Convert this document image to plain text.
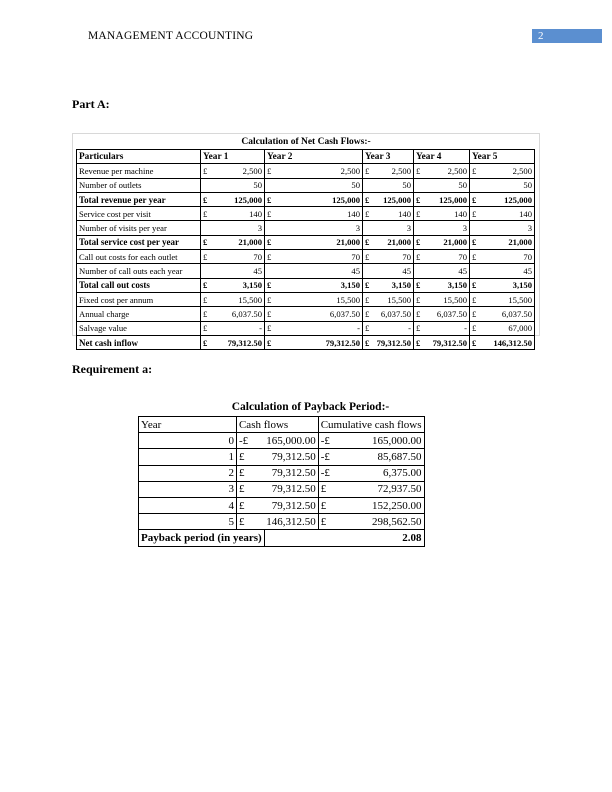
MANAGEMENT ACCOUNTING	2
Part A:
Calculation of Net Cash Flows:-
Particulars	Year 1		Year 2		Year 3		Year 4		Year 5	
Revenue per machine	£	2,500	£	2,500	£	2,500	£	2,500	£	2,500
Number of outlets		50		50		50		50		50
Total revenue per year	£	125,000	£	125,000	£	125,000	£	125,000	£	125,000
Service cost per visit	£	140	£	140	£	140	£	140	£	140
Number of visits per year		3		3		3		3		3
Total service cost per year	£	21,000	£	21,000	£	21,000	£	21,000	£	21,000
Call out costs for each outlet	£	70	£	70	£	70	£	70	£	70
Number of call outs each year		45		45		45		45		45
Total call out costs	£	3,150	£	3,150	£	3,150	£	3,150	£	3,150
Fixed cost per annum	£	15,500	£	15,500	£	15,500	£	15,500	£	15,500
Annual charge	£	6,037.50	£	6,037.50	£	6,037.50	£	6,037.50	£	6,037.50
Salvage value	£	-	£	-	£	-	£	-	£	67,000
Net cash inflow	£	79,312.50	£	79,312.50	£	79,312.50	£	79,312.50	£	146,312.50
Requirement a:
Calculation of Payback Period:-
Year	Cash flows		Cumulative cash flows	
0	-£	165,000.00	-£	165,000.00
1	£	79,312.50	-£	85,687.50
2	£	79,312.50	-£	6,375.00
3	£	79,312.50	£	72,937.50
4	£	79,312.50	£	152,250.00
5	£	146,312.50	£	298,562.50
Payback period (in years)		2.08		
